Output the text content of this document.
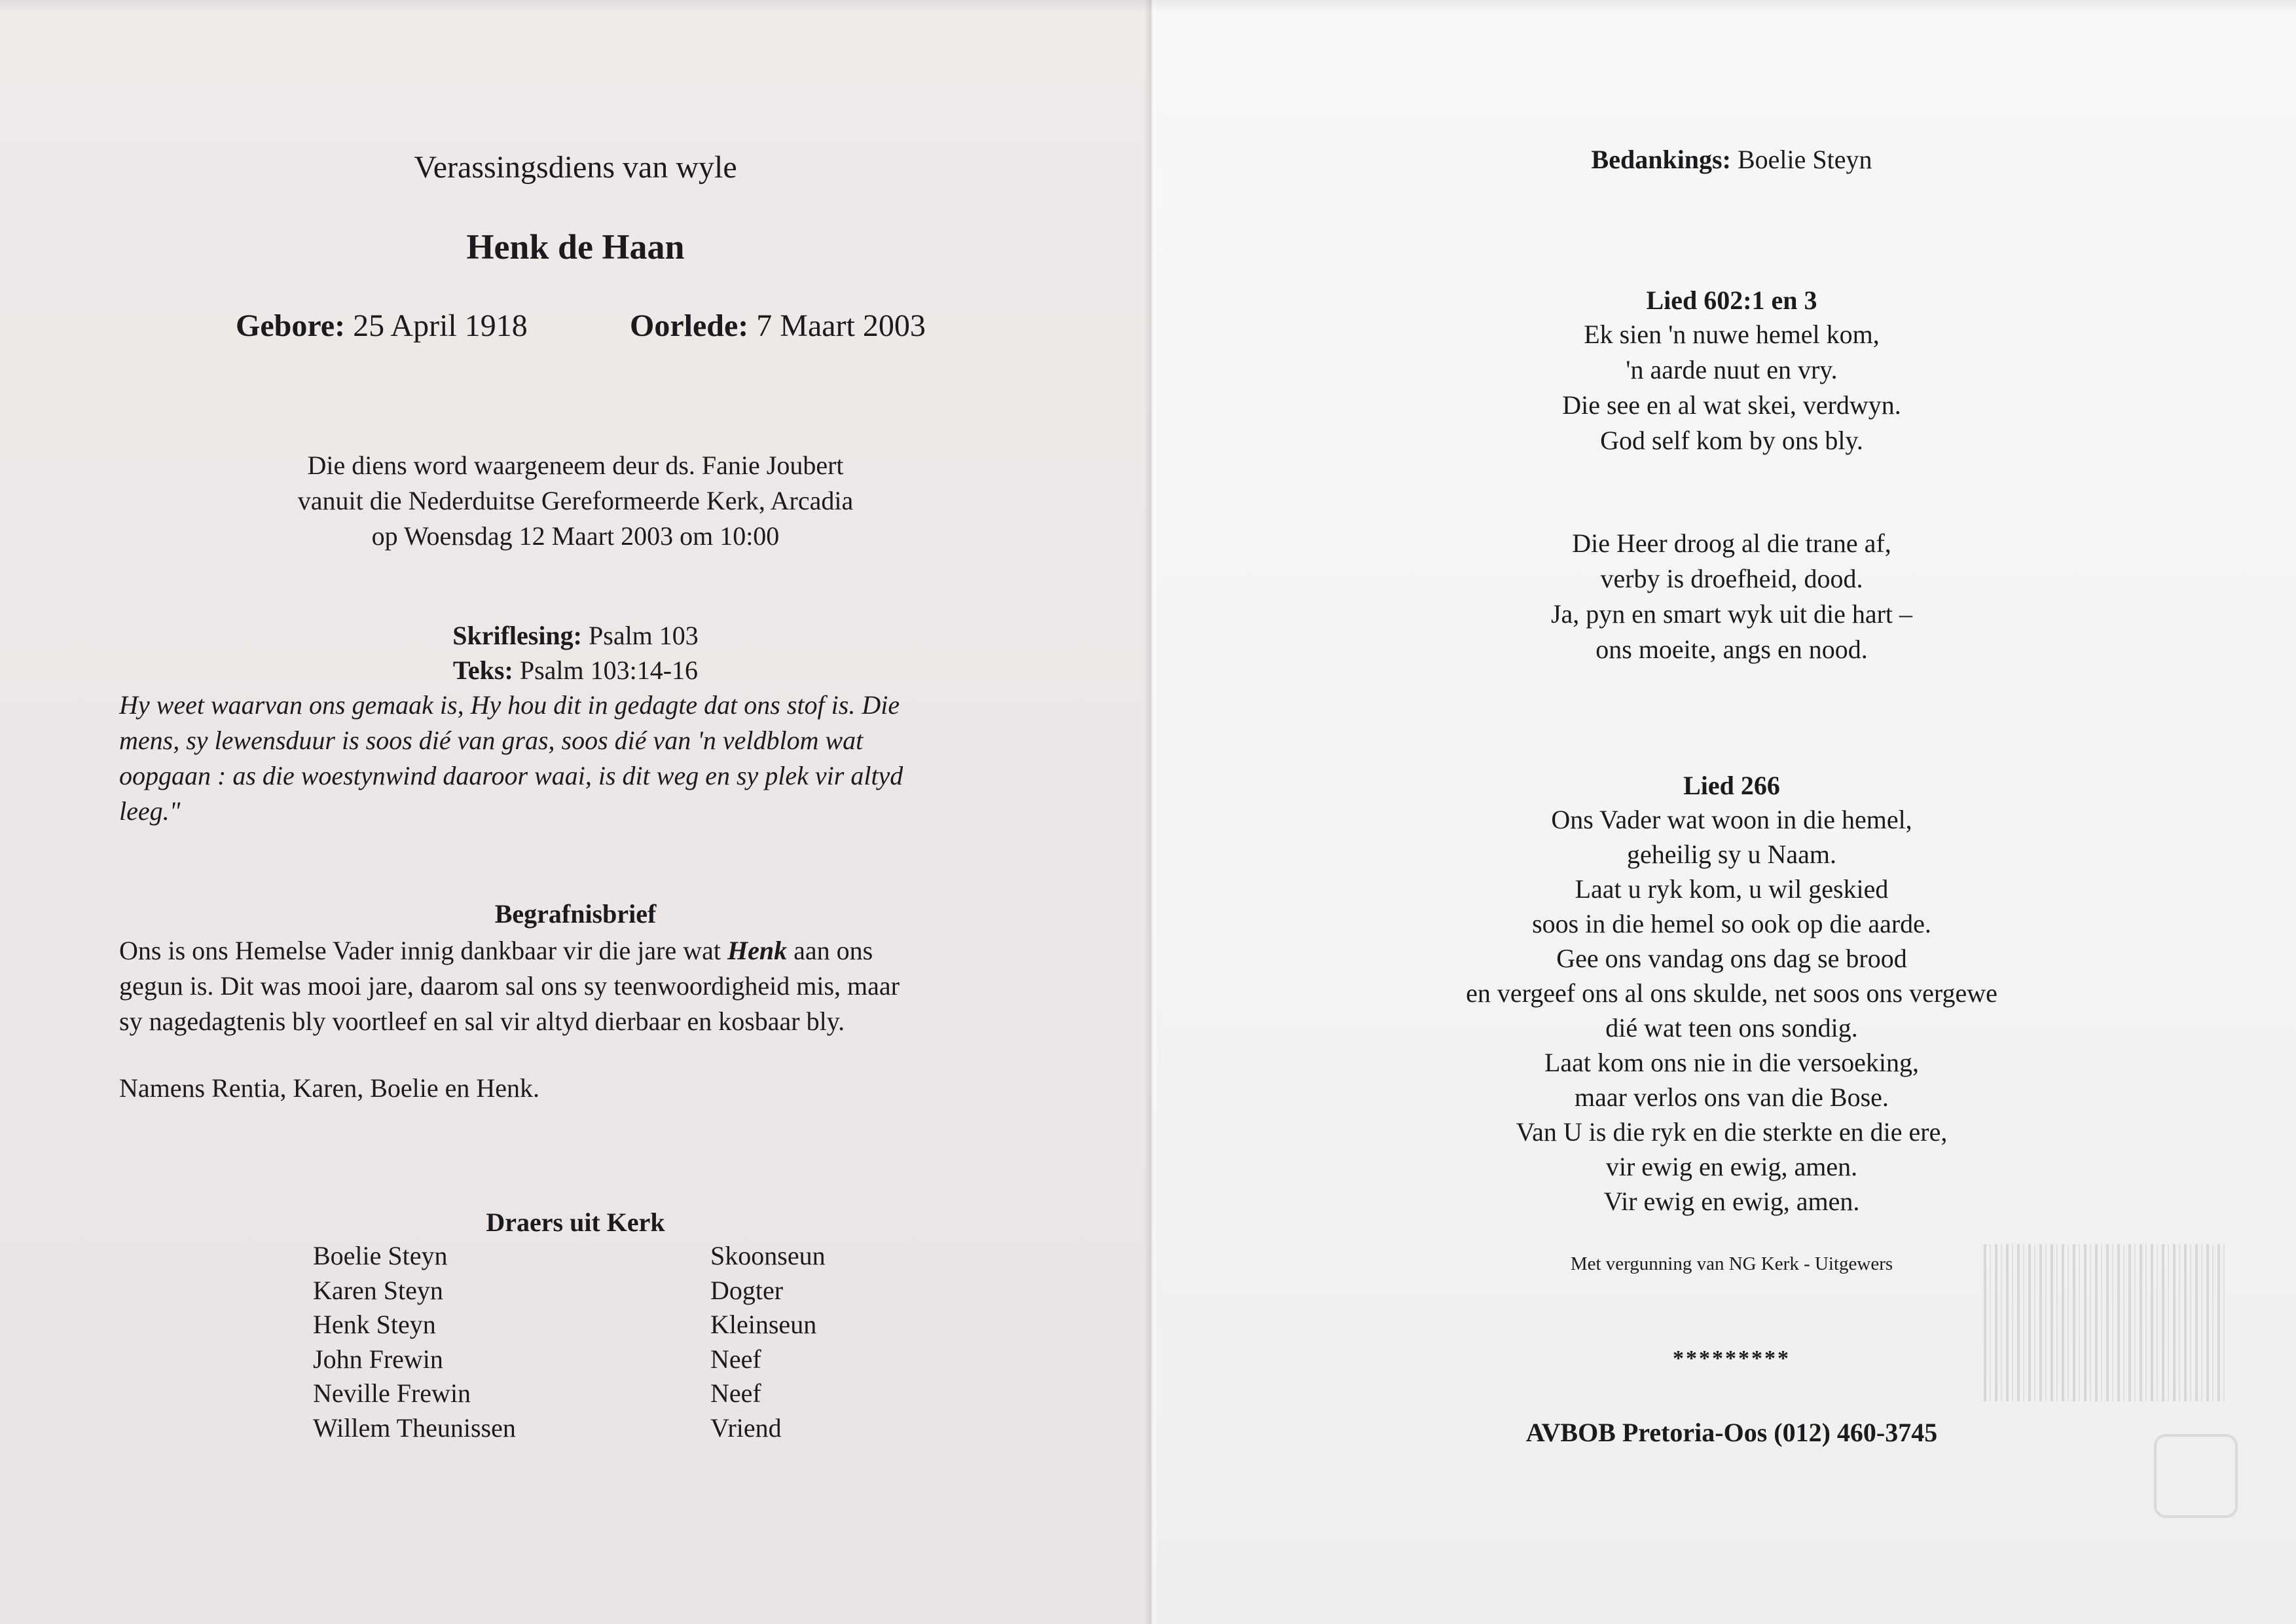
Verassingsdiens van wyle
Henk de Haan
Gebore: 25 April 1918	Oorlede: 7 Maart 2003
Die diens word waargeneem deur ds. Fanie Joubert
vanuit die Nederduitse Gereformeerde Kerk, Arcadia
op Woensdag 12 Maart 2003 om 10:00
Skriflesing: Psalm 103
Teks: Psalm 103:14-16
Hy weet waarvan ons gemaak is, Hy hou dit in gedagte dat ons stof is. Die
mens, sy lewensduur is soos dié van gras, soos dié van 'n veldblom wat
oopgaan : as die woestynwind daaroor waai, is dit weg en sy plek vir altyd
leeg."
Begrafnisbrief
Ons is ons Hemelse Vader innig dankbaar vir die jare wat Henk aan ons
gegun is. Dit was mooi jare, daarom sal ons sy teenwoordigheid mis, maar
sy nagedagtenis bly voortleef en sal vir altyd dierbaar en kosbaar bly.
Namens Rentia, Karen, Boelie en Henk.
Draers uit Kerk
Boelie Steyn
Karen Steyn
Henk Steyn
John Frewin
Neville Frewin
Willem Theunissen
Skoonseun
Dogter
Kleinseun
Neef
Neef
Vriend
Bedankings: Boelie Steyn
Lied 602:1 en 3
Ek sien 'n nuwe hemel kom,
'n aarde nuut en vry.
Die see en al wat skei, verdwyn.
God self kom by ons bly.
Die Heer droog al die trane af,
verby is droefheid, dood.
Ja, pyn en smart wyk uit die hart –
ons moeite, angs en nood.
Lied 266
Ons Vader wat woon in die hemel,
geheilig sy u Naam.
Laat u ryk kom, u wil geskied
soos in die hemel so ook op die aarde.
Gee ons vandag ons dag se brood
en vergeef ons al ons skulde, net soos ons vergewe
dié wat teen ons sondig.
Laat kom ons nie in die versoeking,
maar verlos ons van die Bose.
Van U is die ryk en die sterkte en die ere,
vir ewig en ewig, amen.
Vir ewig en ewig, amen.
Met vergunning van NG Kerk - Uitgewers
*********
AVBOB Pretoria-Oos (012) 460-3745
